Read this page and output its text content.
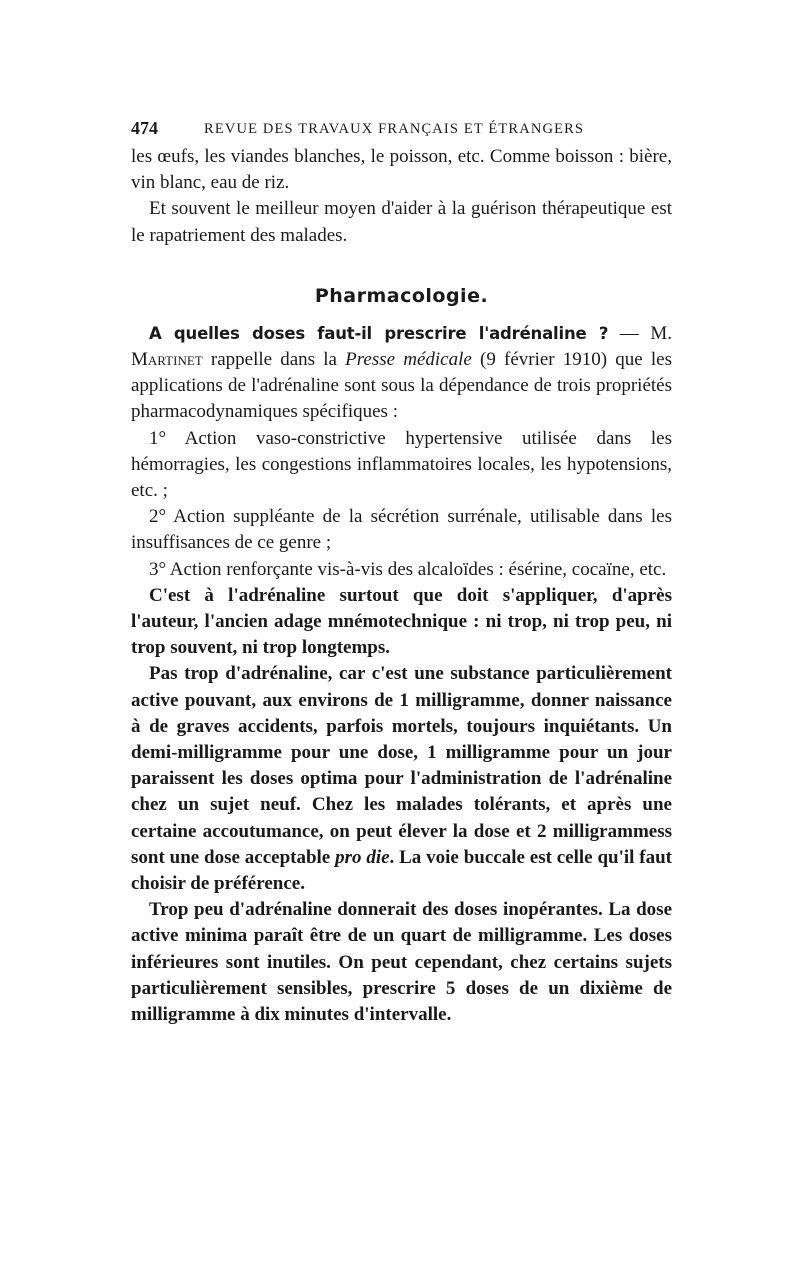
474	REVUE DES TRAVAUX FRANÇAIS ET ÉTRANGERS

les œufs, les viandes blanches, le poisson, etc. Comme boisson : bière, vin blanc, eau de riz.

Et souvent le meilleur moyen d'aider à la guérison thérapeutique est le rapatriement des malades.

Pharmacologie.

A quelles doses faut-il prescrire l'adrénaline ? — M. Martinet rappelle dans la Presse médicale (9 février 1910) que les applications de l'adrénaline sont sous la dépendance de trois propriétés pharmacodynamiques spécifiques :

1° Action vaso-constrictive hypertensive utilisée dans les hémorragies, les congestions inflammatoires locales, les hypotensions, etc. ;

2° Action suppléante de la sécrétion surrénale, utilisable dans les insuffisances de ce genre ;

3° Action renforçante vis-à-vis des alcaloïdes : ésérine, cocaïne, etc.

C'est à l'adrénaline surtout que doit s'appliquer, d'après l'auteur, l'ancien adage mnémotechnique : ni trop, ni trop peu, ni trop souvent, ni trop longtemps.

Pas trop d'adrénaline, car c'est une substance particulièrement active pouvant, aux environs de 1 milligramme, donner naissance à de graves accidents, parfois mortels, toujours inquiétants. Un demi-milligramme pour une dose, 1 milligramme pour un jour paraissent les doses optima pour l'administration de l'adrénaline chez un sujet neuf. Chez les malades tolérants, et après une certaine accoutumance, on peut élever la dose et 2 milligrammess sont une dose acceptable pro die. La voie buccale est celle qu'il faut choisir de préférence.

Trop peu d'adrénaline donnerait des doses inopérantes. La dose active minima paraît être de un quart de milligramme. Les doses inférieures sont inutiles. On peut cependant, chez certains sujets particulièrement sensibles, prescrire 5 doses de un dixième de milligramme à dix minutes d'intervalle.
